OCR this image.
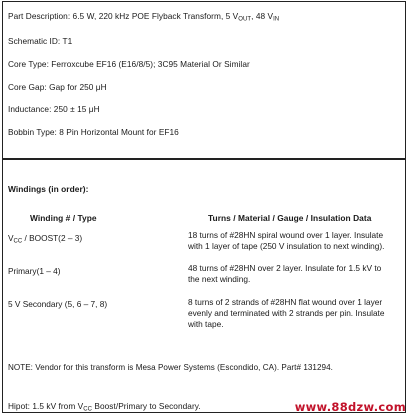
Part Description: 6.5 W, 220 kHz POE Flyback Transform, 5 $V_{OUT}$, 48 $V_{IN}$
Schematic ID: T1
Core Type: Ferroxcube EF16 (E16/8/5); 3C95 Material Or Similar
Core Gap: Gap for 250 μH
Inductance: 250 ± 15 μH
Bobbin Type: 8 Pin Horizontal Mount for EF16
Windings (in order):
Winding # / Type	Turns / Material / Gauge / Insulation Data
$V_{CC}$ / BOOST(2 – 3)	18 turns of #28HN spiral wound over 1 layer. Insulate
with 1 layer of tape (250 V insulation to next winding).
Primary(1 – 4)	48 turns of #28HN over 2 layer. Insulate for 1.5 kV to
the next winding.
5 V Secondary (5, 6 – 7, 8)	8 turns of 2 strands of #28HN flat wound over 1 layer
evenly and terminated with 2 strands per pin. Insulate
with tape.
NOTE: Vendor for this transform is Mesa Power Systems (Escondido, CA). Part# 131294.
Hipot: 1.5 kV from $V_{CC}$ Boost/Primary to Secondary.	www.88dzw.com
